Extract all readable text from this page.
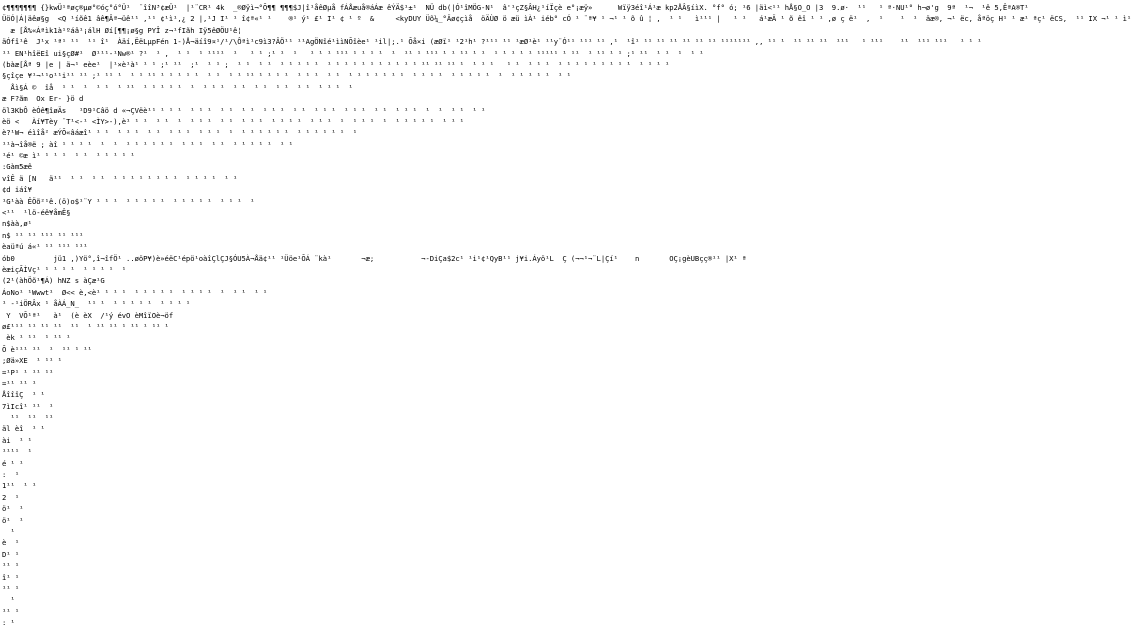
¢¶¶¶¶¶¶¶ {}kwÜ¹ªøç®µø°©óç°ó°Ü¹  ¨îîN³¢æÜ¹  |¹¨CR¹ 4k  _®Øÿì¬°Õ¶¶ ¶¶¶$J|î¹åêØµå fÁÅæuå®áÁæ êÝÄ$¹±¹  NÜ db(|Ó¹îMÖG-N¹  â'¹çZ§ÂH¿¹íÏçè e°¡æÿ»      Wïÿ3éî¹Á¹æ kp2ÅÂ§íìX. °f° ó; ¹6 |äì<¹¹ hÅ§O_O |3  9.ø·  ¹¹   ¹ ª·NU¹° h¬ø'g  9ª  ¹¬  ¹ê 5,ÊªA®T¹
ÜöÓ|Á|äêø§g  <Q ¹íõê1 âê¶Âª¬üê¹¹ ,¹¹ ¢¹ì¹,¿ 2 |,¹J I¹ ¹ î¢ª«¹ ¹    ®¹ ý¹ £¹ I¹ ¢ ¹ º  &     <kyDUY Üõ¼_°Äø¢çìå  öÄÙØ ö æü ìÀ¹ iéb° cÓ ¹ ¨ª¥ ¹ ¬¹ ¹ õ û ¦ ,  ¹ ¹   ì¹¹¹ |   ¹ ¹   á¹æÄ ¹ õ êî ¹ ¹ ,ø ç ë¹  ,  ¹    ¹  ¹  äæ®, ¬¹ ëc, åªöç H¹ ¹ æ¹ ªç¹ ëCS,  ¹¹ IX ¬¹ ¹ ì¹
æ [Å%«Áªìk1à¹ºáâ¹¡álH Øí[¶¶¡ø§g PYÎ z¬¹fIãh Iÿ5êØÖU¹ê¦
äÓfî¹ê  J¹x ¹ª¹ ¹¹  ¹¹ î¹  Àäí,ËëLµpFén 1-)Å¬äíî9¤¹/¹/\Ôªì¹c9ì3?ÂÖ¹¹ ¹¹AgÖNîé¹ììNÕîèe¹ ¹il|;.¹ Õå×i (æØï¹ ¹2¹h¹ ?¹¹¹ ¹¹ ¹æØ¹è¹ ¹¹y¨Ó¹¹ ¹¹¹ ¹¹ ,¹  ¹î¹ ¹¹ ¹¹ ¹¹ ¹¹ ¹¹ ¹¹ ¹¹¹¹¹¹¹ ,, ¹¹ ¹  ¹¹ ¹¹ ¹¹  ¹¹¹   ¹ ¹¹¹    ¹¹  ¹¹¹ ¹¹¹   ¹ ¹ ¹
¹¹ EN¹hîëEî ui§çØ#¹  Ø¹¹¹-¹Nw®¹ ?¹  ¹ ,  ¹ ¹  ¹ ¹¹¹¹  ¹   ¹ ¹ ;¹ ¹  ¹   ¹ ¹ ¹ ¹¹¹ ¹ ¹ ¹ ¹  ¹  ¹¹ ¹ ¹¹¹ ¹ ¹ ¹¹ ¹ ¹  ¹ ¹ ¹ ¹ ¹ ¹¹¹¹¹ ¹ ¹¹  ¹ ¹¹ ¹ ¹ ;¹ ¹¹  ¹ ¹  ¹  ¹ ¹
(bàæ[Åª 9 |e | ä¬¹ eèe¹  |¹×è¹à¹ ¹ ¹ ;¹ ¹¹  ;¹  ¹ ¹ ;  ¹ ¹  ¹ ¹  ¹ ¹ ¹ ¹ ¹  ¹ ¹ ¹ ¹ ¹ ¹ ¹ ¹ ¹ ¹ ¹ ¹¹ ¹¹ ¹¹ ¹  ¹ ¹ ¹   ¹ ¹  ¹ ¹ ¹  ¹ ¹ ¹ ¹ ¹ ¹ ¹ ¹ ¹  ¹ ¹ ¹ ¹
§çîçe ¥¹¬¹¹o¹¹i¹¹ ¹¹ ;¹ ¹¹ ¹  ¹ ¹ ¹¹ ¹ ¹ ¹ ¹ ¹  ¹ ¹  ¹ ¹ ¹¹ ¹ ¹ ¹ ¹  ¹ ¹ ¹  ¹ ¹  ¹ ¹ ¹ ¹ ¹ ¹ ¹  ¹ ¹ ¹ ¹  ¹ ¹ ¹ ¹ ¹  ¹  ¹ ¹ ¹ ¹ ¹  ¹ ¹
Åì§Á ©  îå  ¹ ¹  ¹  ¹ ¹  ¹ ¹¹  ¹ ¹ ¹ ¹ ¹  ¹  ¹ ¹ ¹  ¹ ¹  ¹ ¹  ¹ ¹  ¹ ¹  ¹ ¹ ¹  ¹
æ F?ãm  Ox Er- }ö d
öl3KbÔ èÓê¶îøÄs   ¹D9¹Câö d «¬ÇVëè¹¹ ¹ ¹ ¹  ¹ ¹ ¹  ¹ ¹  ¹ ¹  ¹ ¹ ¹  ¹ ¹  ¹ ¹ ¹  ¹ ¹ ¹  ¹ ¹  ¹ ¹ ¹  ¹  ¹  ¹ ¹  ¹ ¹
èö <   Àí¥Tèy ¨T¹<-¹ <ÌY>-),è¹ ¹ ¹  ¹ ¹  ¹  ¹ ¹ ¹  ¹ ¹  ¹ ¹ ¹  ¹ ¹ ¹ ¹  ¹ ¹ ¹  ¹  ¹ ¹ ¹  ¹  ¹ ¹ ¹ ¹ ¹  ¹ ¹ ¹
è?¹W¬ éìîå² æÝÕ«âáæî¹ ¹ ¹  ¹ ¹ ¹  ¹ ¹  ¹ ¹ ¹  ¹ ¹ ¹  ¹  ¹ ¹ ¹ ¹ ¹ ¹  ¹ ¹ ¹ ¹ ¹ ¹  ¹
¹¹à¬îå®ë ; àî ¹ ¹ ¹ ¹  ¹  ¹  ¹ ¹ ¹ ¹ ¹ ¹  ¹ ¹ ¹  ¹ ¹  ¹ ¹ ¹ ¹ ¹  ¹ ¹
¹é¹ ©æ ì¹ ¹ ¹ ¹  ¹ ¹  ¹ ¹ ¹ ¹ ¹
:Gàm5æê
vîÊ ä [N   ä¹¹  ¹ ¹  ¹ ¹  ¹ ¹ ¹ ¹ ¹ ¹ ¹ ¹  ¹ ¹ ¹ ¹  ¹ ¹
¢d iáî¥
¹G¹àà ÊÖõ²¹ê.(ö)o$¹¨Y ¹ ¹ ¹  ¹ ¹ ¹ ¹ ¹  ¹ ¹ ¹ ¹ ¹  ¹ ¹ ¹  ¹
<¹¹  ¹lö-éê¥åmÊ§
n$àà,ø¹
n$ ¹¹ ¹¹ ¹¹¹ ¹¹ ¹¹¹
èaüªú á«¹ ¹¹ ¹¹¹ ¹¹¹
ób0         jü1 ,)Yö°,î¬îfÖ¹ ..øöP¥)è»éëC¹épö¹oàîÇlÇJ§ÓU5À¬Åä¢¹¹ ¹Üöe¹ÕÁ ¨kà¹       ¬æ;           ¬-DiÇa$2c¹ ¹i¹¢¹QyB¹¹ j¥i.Áyö¹L  Ç (¬¬¹¬¨L|Çí¹    n       OÇ¡gèUBçç®¹¹ |X¹ ª
èæiçÃÌVç¹ ¹ ¹ ¹ ¹  ¹ ¹ ¹ ¹  ¹
(2¹(àhÖõ¹¶Á) hNZ s àÇæ¹G
ÁoNo¹ ¹Wwwt¹  Ø<< è,<è¹ ¹ ¹ ¹  ¹ ¹ ¹ ¹ ¹  ¹ ¹ ¹ ¹  ¹  ¹ ¹  ¹ ¹
¹ -¹iÖRÂx ¹ åÀÁ_N_  ¹¹ ¹  ¹ ¹ ¹ ¹ ¹  ¹ ¹ ¹ ¹
Y  VÕ¹ª¹   à¹  (è èX  /¹ý évO èMîïOè¬öf
ø£¹¹¹ ¹¹ ¹¹ ¹¹  ¹¹  ¹ ¹¹ ¹¹ ¹ ¹¹ ¹ ¹¹ ¹
èk ¹ ¹¹  ¹ ¹¹ ¹
Õ è¹¹¹ ¹¹  ¹  ¹¹ ¹ ¹¹
;Øä»XE  ¹ ¹¹ ¹
=¹P¹ ¹ ¹¹ ¹¹
=¹¹ ¹¹ ¹
ÅîîîÇ  ¹ ¹
7ìIcî¹ ¹¹  ¹
¹¹  ¹¹  ¹¹
äl èî  ¹ ¹
ài  ¹ ¹
¹¹¹¹  ¹
é ¹ ¹
:  ¹
1¹¹  ¹ ¹
2  ¹
ö¹  ¹
ö¹  ¹
¹
è  ¹
D¹ ¹
¹¹ ¹
î¹ ¹
¹¹ ¹
¹
¹¹ ¹
: ¹
